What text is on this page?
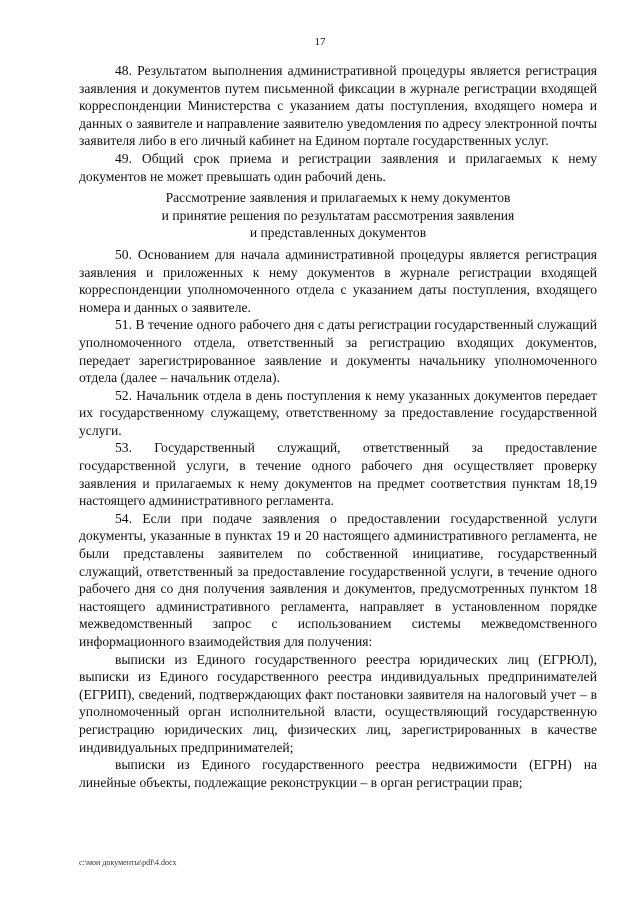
17

48. Результатом выполнения административной процедуры является регистрация заявления и документов путем письменной фиксации в журнале регистрации входящей корреспонденции Министерства с указанием даты поступления, входящего номера и данных о заявителе и направление заявителю уведомления по адресу электронной почты заявителя либо в его личный кабинет на Едином портале государственных услуг.

49. Общий срок приема и регистрации заявления и прилагаемых к нему документов не может превышать один рабочий день.

Рассмотрение заявления и прилагаемых к нему документов
и принятие решения по результатам рассмотрения заявления
и представленных документов

50. Основанием для начала административной процедуры является регистрация заявления и приложенных к нему документов в журнале регистрации входящей корреспонденции уполномоченного отдела с указанием даты поступления, входящего номера и данных о заявителе.

51. В течение одного рабочего дня с даты регистрации государственный служащий уполномоченного отдела, ответственный за регистрацию входящих документов, передает зарегистрированное заявление и документы начальнику уполномоченного отдела (далее – начальник отдела).

52. Начальник отдела в день поступления к нему указанных документов передает их государственному служащему, ответственному за предоставление государственной услуги.

53. Государственный служащий, ответственный за предоставление государственной услуги, в течение одного рабочего дня осуществляет проверку заявления и прилагаемых к нему документов на предмет соответствия пунктам 18,19 настоящего административного регламента.

54. Если при подаче заявления о предоставлении государственной услуги документы, указанные в пунктах 19 и 20 настоящего административного регламента, не были представлены заявителем по собственной инициативе, государственный служащий, ответственный за предоставление государственной услуги, в течение одного рабочего дня со дня получения заявления и документов, предусмотренных пунктом 18 настоящего административного регламента, направляет в установленном порядке межведомственный запрос с использованием системы межведомственного информационного взаимодействия для получения:

выписки из Единого государственного реестра юридических лиц (ЕГРЮЛ), выписки из Единого государственного реестра индивидуальных предпринимателей (ЕГРИП), сведений, подтверждающих факт постановки заявителя на налоговый учет – в уполномоченный орган исполнительной власти, осуществляющий государственную регистрацию юридических лиц, физических лиц, зарегистрированных в качестве индивидуальных предпринимателей;

выписки из Единого государственного реестра недвижимости (ЕГРН) на линейные объекты, подлежащие реконструкции – в орган регистрации прав;

c:\мои документы\pdf\4.docx
